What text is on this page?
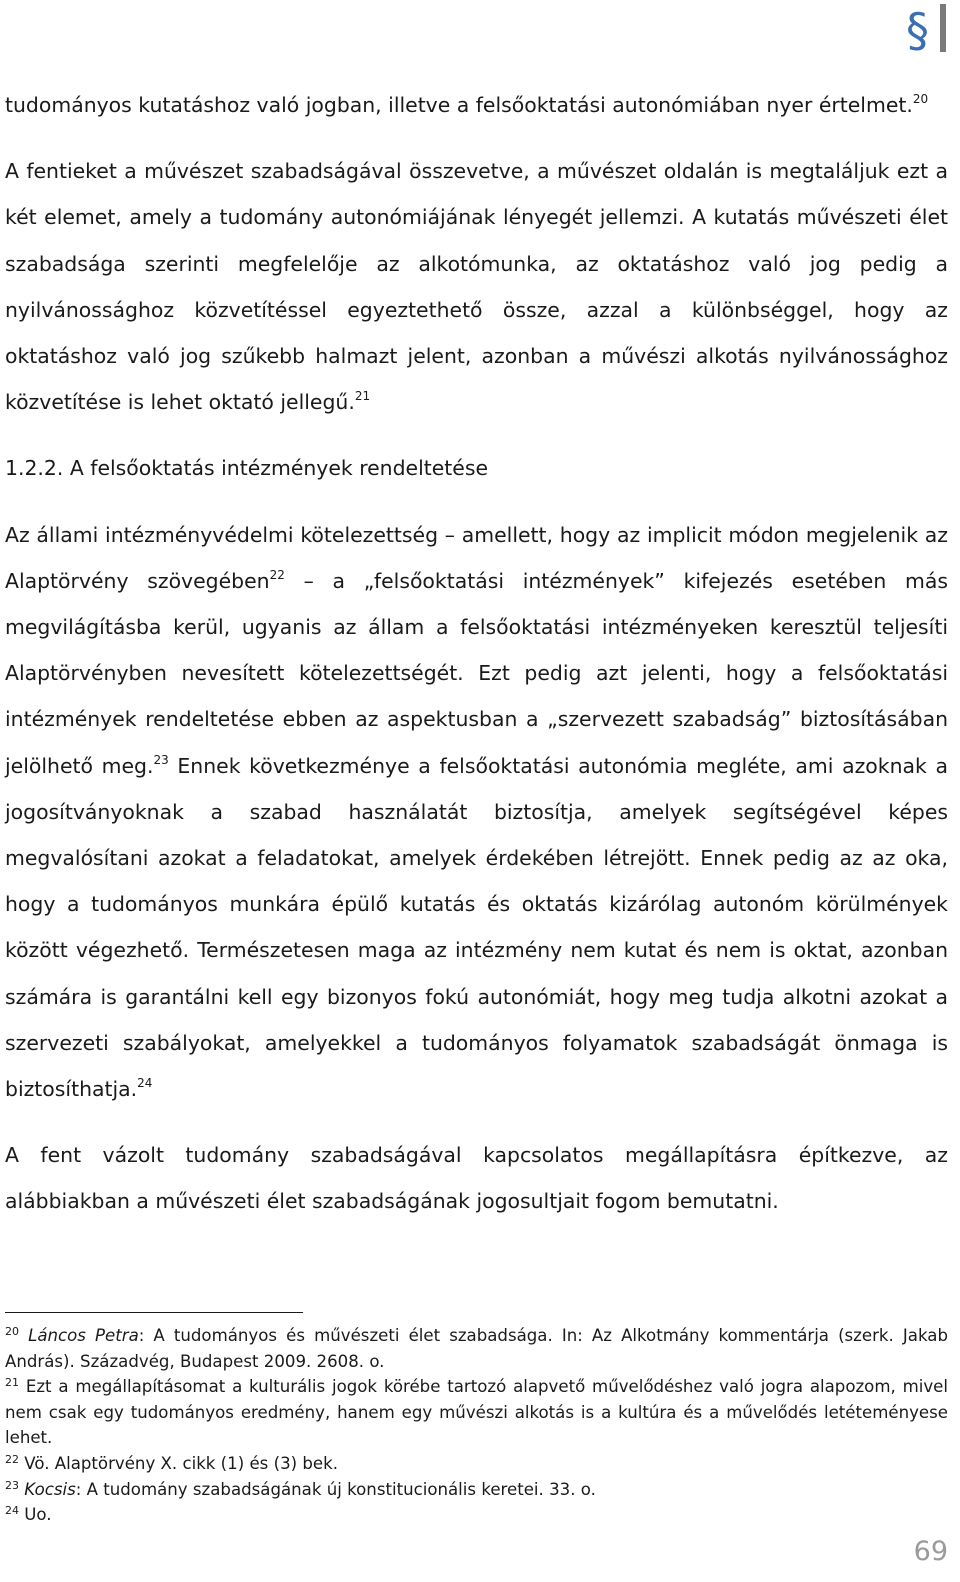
§

tudományos kutatáshoz való jogban, illetve a felsőoktatási autonómiában nyer értelmet.$^{20}$

A fentieket a művészet szabadságával összevetve, a művészet oldalán is megtaláljuk ezt a két elemet, amely a tudomány autonómiájának lényegét jellemzi. A kutatás művészeti élet szabadsága szerinti megfelelője az alkotómunka, az oktatáshoz való jog pedig a nyilvánossághoz közvetítéssel egyeztethető össze, azzal a különbséggel, hogy az oktatáshoz való jog szűkebb halmazt jelent, azonban a művészi alkotás nyilvánossághoz közvetítése is lehet oktató jellegű.$^{21}$

1.2.2. A felsőoktatás intézmények rendeltetése

Az állami intézményvédelmi kötelezettség – amellett, hogy az implicit módon megjelenik az Alaptörvény szövegében$^{22}$ – a „felsőoktatási intézmények” kifejezés esetében más megvilágításba kerül, ugyanis az állam a felsőoktatási intézményeken keresztül teljesíti Alaptörvényben nevesített kötelezettségét. Ezt pedig azt jelenti, hogy a felsőoktatási intézmények rendeltetése ebben az aspektusban a „szervezett szabadság” biztosításában jelölhető meg.$^{23}$ Ennek következménye a felsőoktatási autonómia megléte, ami azoknak a jogosítványoknak a szabad használatát biztosítja, amelyek segítségével képes megvalósítani azokat a feladatokat, amelyek érdekében létrejött. Ennek pedig az az oka, hogy a tudományos munkára épülő kutatás és oktatás kizárólag autonóm körülmények között végezhető. Természetesen maga az intézmény nem kutat és nem is oktat, azonban számára is garantálni kell egy bizonyos fokú autonómiát, hogy meg tudja alkotni azokat a szervezeti szabályokat, amelyekkel a tudományos folyamatok szabadságát önmaga is biztosíthatja.$^{24}$

A fent vázolt tudomány szabadságával kapcsolatos megállapításra építkezve, az alábbiakban a művészeti élet szabadságának jogosultjait fogom bemutatni.

$^{20}$ Láncos Petra: A tudományos és művészeti élet szabadsága. In: Az Alkotmány kommentárja (szerk. Jakab András). Századvég, Budapest 2009. 2608. o.

$^{21}$ Ezt a megállapításomat a kulturális jogok körébe tartozó alapvető művelődéshez való jogra alapozom, mivel nem csak egy tudományos eredmény, hanem egy művészi alkotás is a kultúra és a művelődés letéteményese lehet.

$^{22}$ Vö. Alaptörvény X. cikk (1) és (3) bek.

$^{23}$ Kocsis: A tudomány szabadságának új konstitucionális keretei. 33. o.

$^{24}$ Uo.

69
